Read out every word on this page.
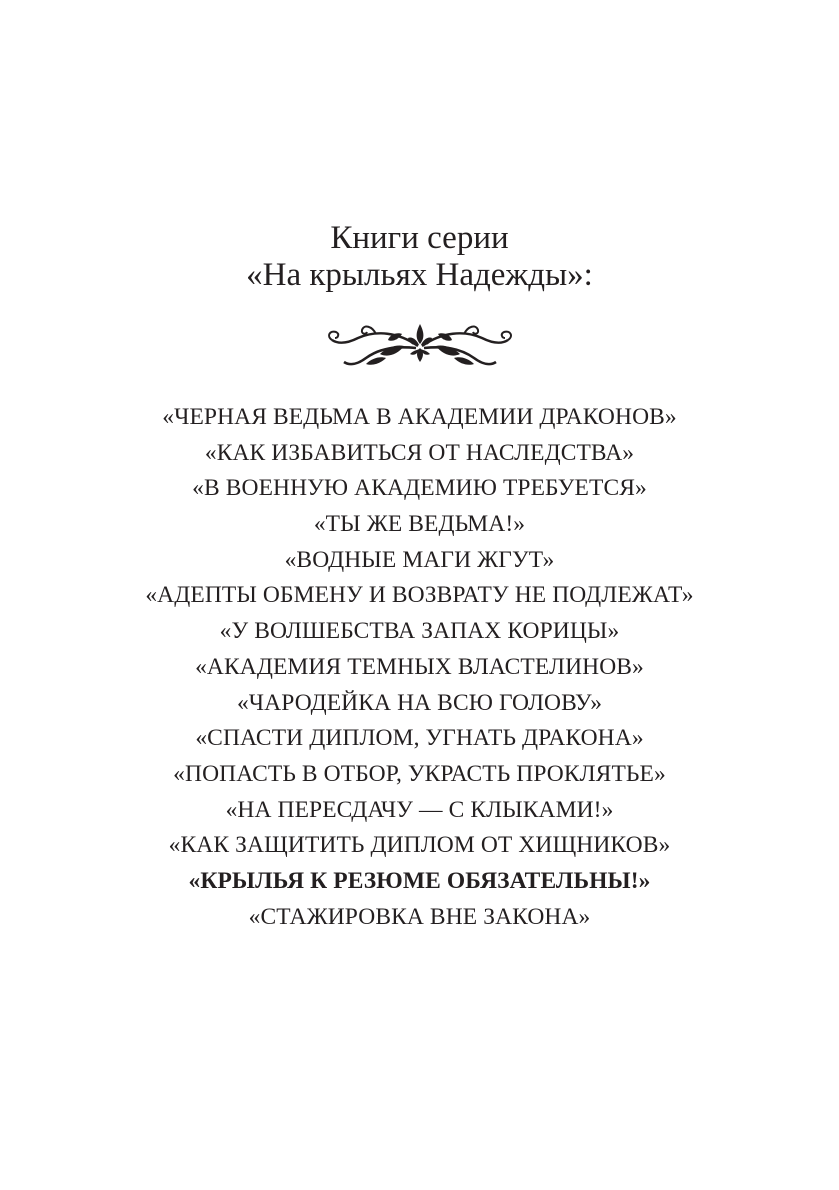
Книги серии
«На крыльях Надежды»:
«ЧЕРНАЯ ВЕДЬМА В АКАДЕМИИ ДРАКОНОВ»
«КАК ИЗБАВИТЬСЯ ОТ НАСЛЕДСТВА»
«В ВОЕННУЮ АКАДЕМИЮ ТРЕБУЕТСЯ»
«ТЫ ЖЕ ВЕДЬМА!»
«ВОДНЫЕ МАГИ ЖГУТ»
«АДЕПТЫ ОБМЕНУ И ВОЗВРАТУ НЕ ПОДЛЕЖАТ»
«У ВОЛШЕБСТВА ЗАПАХ КОРИЦЫ»
«АКАДЕМИЯ ТЕМНЫХ ВЛАСТЕЛИНОВ»
«ЧАРОДЕЙКА НА ВСЮ ГОЛОВУ»
«СПАСТИ ДИПЛОМ, УГНАТЬ ДРАКОНА»
«ПОПАСТЬ В ОТБОР, УКРАСТЬ ПРОКЛЯТЬЕ»
«НА ПЕРЕСДАЧУ — С КЛЫКАМИ!»
«КАК ЗАЩИТИТЬ ДИПЛОМ ОТ ХИЩНИКОВ»
«КРЫЛЬЯ К РЕЗЮМЕ ОБЯЗАТЕЛЬНЫ!»
«СТАЖИРОВКА ВНЕ ЗАКОНА»
